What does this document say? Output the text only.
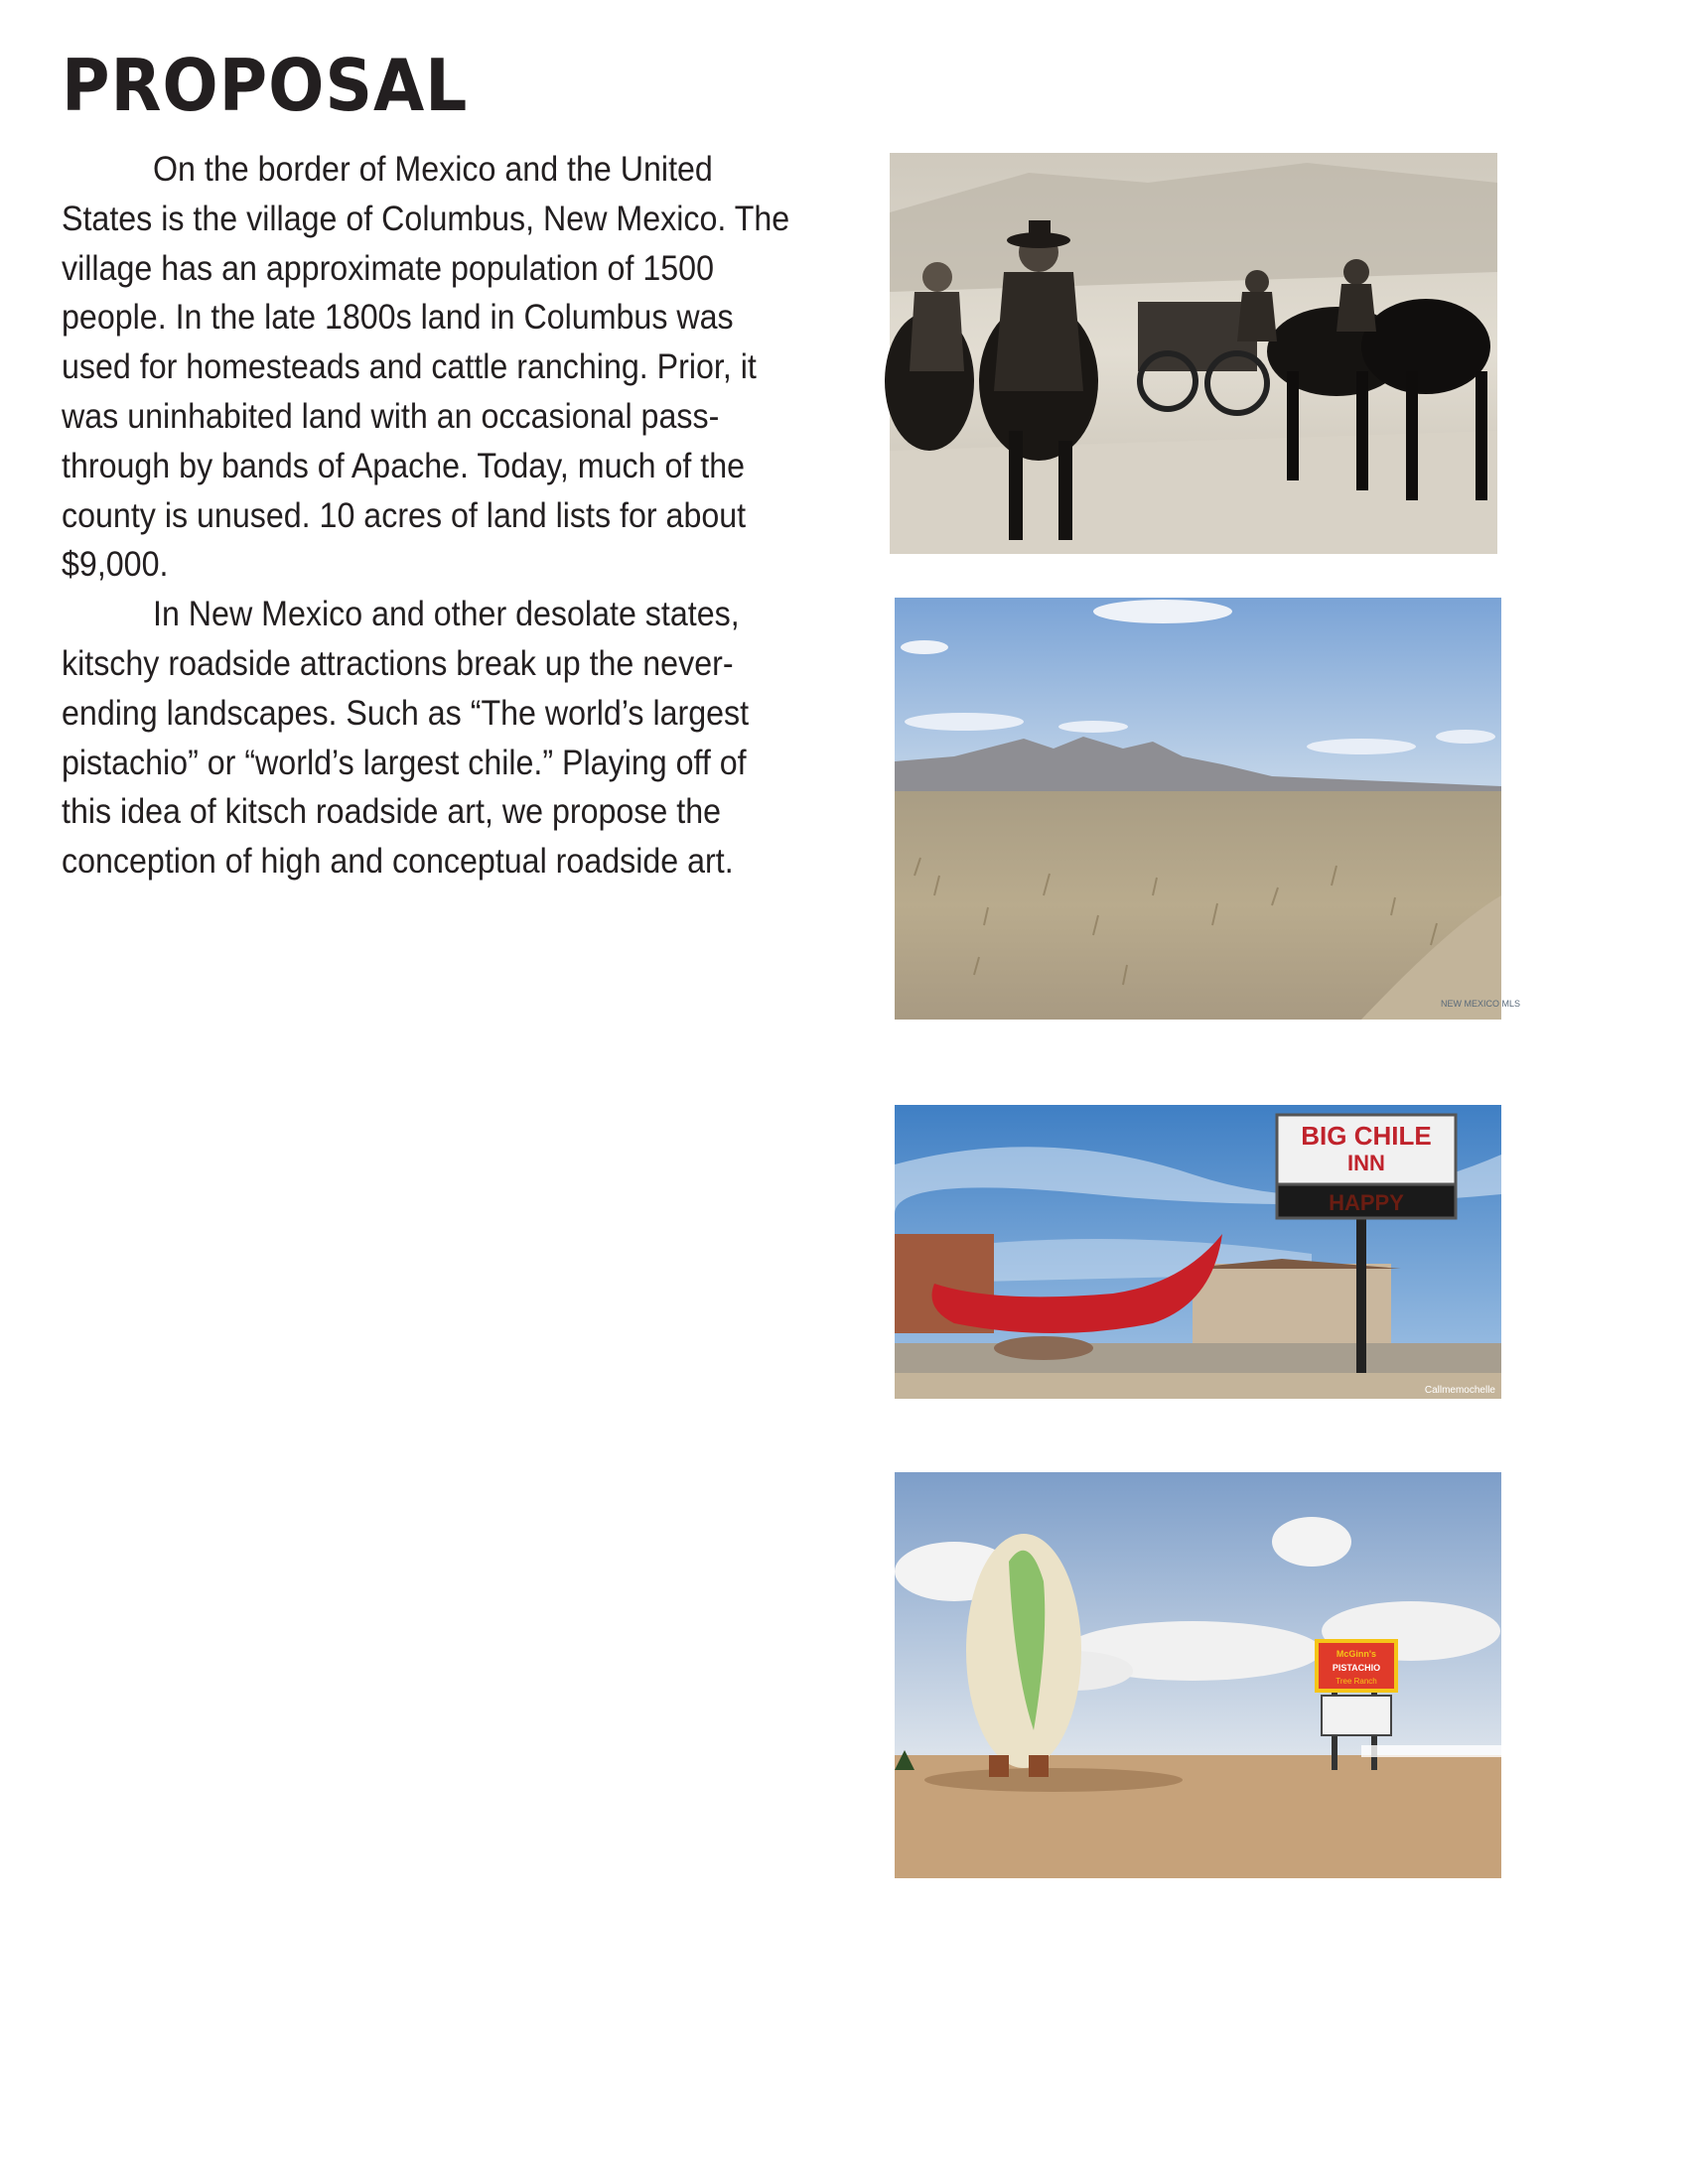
PROPOSAL

On the border of Mexico and the United States is the village of Columbus, New Mexico. The village has an approximate population of 1500 people. In the late 1800s land in Columbus was used for homesteads and cattle ranching. Prior, it was uninhabited land with an occasional pass-through by bands of Apache. Today, much of the county is unused. 10 acres of land lists for about $9,000.

In New Mexico and other desolate states, kitschy roadside attractions break up the never-ending landscapes. Such as “The world’s largest pistachio” or “world’s largest chile.” Playing off of this idea of kitsch roadside art, we propose the conception of high and conceptual roadside art.

NEW MEXICO MLS
BIG CHILE
INN
HAPPY
Callmemochelle
McGinn's
PISTACHIO
Tree Ranch
